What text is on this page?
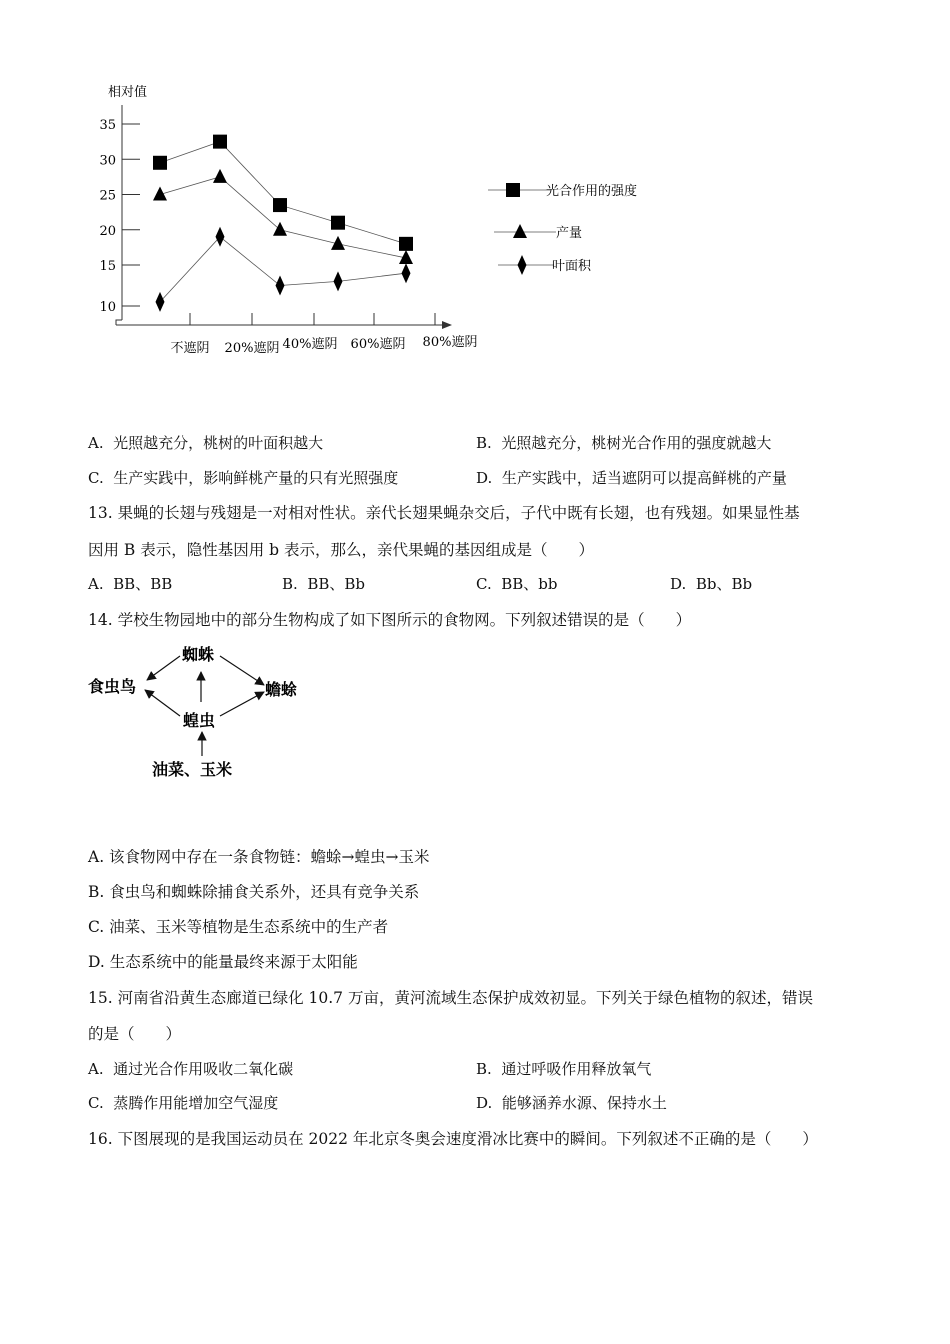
相对值
35
30
25
20
15
10
不遮阴 20%遮阴 40%遮阴 60%遮阴 80%遮阴
光合作用的强度
产量
叶面积
A. 光照越充分，桃树的叶面积越大	B. 光照越充分，桃树光合作用的强度就越大
C. 生产实践中，影响鲜桃产量的只有光照强度	D. 生产实践中，适当遮阴可以提高鲜桃的产量
13. 果蝇的长翅与残翅是一对相对性状。亲代长翅果蝇杂交后，子代中既有长翅，也有残翅。如果显性基
因用 B 表示，隐性基因用 b 表示，那么，亲代果蝇的基因组成是（　　）
A. BB、BB	B. BB、Bb	C. BB、bb	D. Bb、Bb
14. 学校生物园地中的部分生物构成了如下图所示的食物网。下列叙述错误的是（　　）
蜘蛛
食虫鸟	蟾蜍
蝗虫
油菜、玉米
A. 该食物网中存在一条食物链：蟾蜍→蝗虫→玉米
B. 食虫鸟和蜘蛛除捕食关系外，还具有竞争关系
C. 油菜、玉米等植物是生态系统中的生产者
D. 生态系统中的能量最终来源于太阳能
15. 河南省沿黄生态廊道已绿化 10.7 万亩，黄河流域生态保护成效初显。下列关于绿色植物的叙述，错误
的是（　　）
A. 通过光合作用吸收二氧化碳	B. 通过呼吸作用释放氧气
C. 蒸腾作用能增加空气湿度	D. 能够涵养水源、保持水土
16. 下图展现的是我国运动员在 2022 年北京冬奥会速度滑冰比赛中的瞬间。下列叙述不正确的是（　　）
